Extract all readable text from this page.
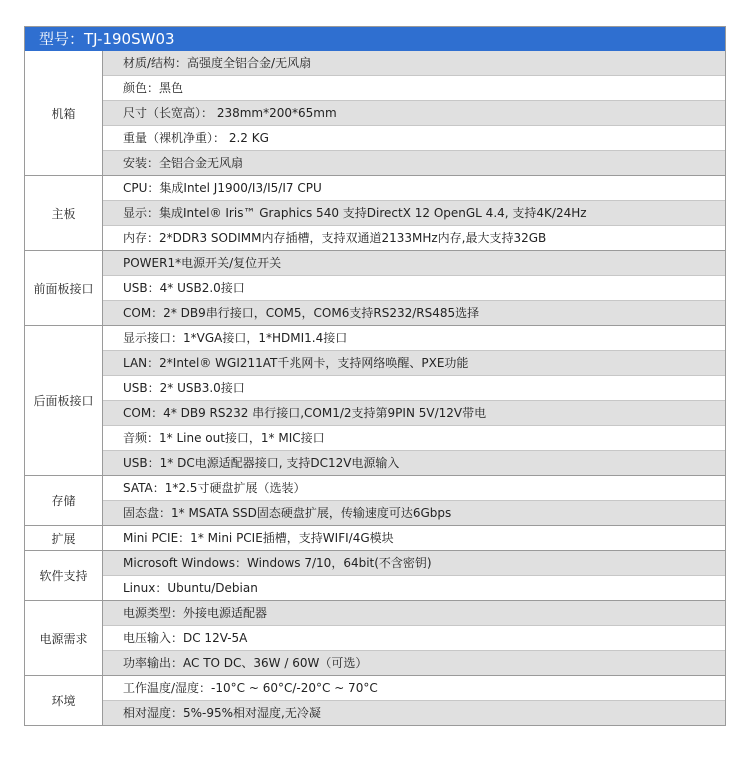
型号：TJ-190SW03
机箱
材质/结构：高强度全铝合金/无风扇
颜色：黑色
尺寸（长宽高）： 238mm*200*65mm
重量（裸机净重）： 2.2 KG
安装：全铝合金无风扇
主板
CPU：集成Intel J1900/I3/I5/I7 CPU
显示：集成Intel® Iris™ Graphics 540 支持DirectX 12 OpenGL 4.4, 支持4K/24Hz
内存：2*DDR3 SODIMM内存插槽，支持双通道2133MHz内存,最大支持32GB
前面板接口
POWER1*电源开关/复位开关
USB：4* USB2.0接口
COM：2* DB9串行接口，COM5，COM6支持RS232/RS485选择
后面板接口
显示接口：1*VGA接口，1*HDMI1.4接口
LAN：2*Intel® WGI211AT千兆网卡，支持网络唤醒、PXE功能
USB：2* USB3.0接口
COM：4* DB9 RS232 串行接口,COM1/2支持第9PIN 5V/12V带电
音频：1* Line out接口，1* MIC接口
USB：1* DC电源适配器接口, 支持DC12V电源输入
存储
SATA：1*2.5寸硬盘扩展（选装）
固态盘：1* MSATA SSD固态硬盘扩展，传输速度可达6Gbps
扩展	Mini PCIE：1* Mini PCIE插槽，支持WIFI/4G模块
软件支持
Microsoft Windows：Windows 7/10，64bit(不含密钥)
Linux：Ubuntu/Debian
电源需求
电源类型：外接电源适配器
电压输入：DC 12V-5A
功率输出：AC TO DC、36W / 60W（可选）
环境
工作温度/湿度：-10°C ~ 60°C/-20°C ~ 70°C
相对湿度：5%-95%相对湿度,无冷凝
